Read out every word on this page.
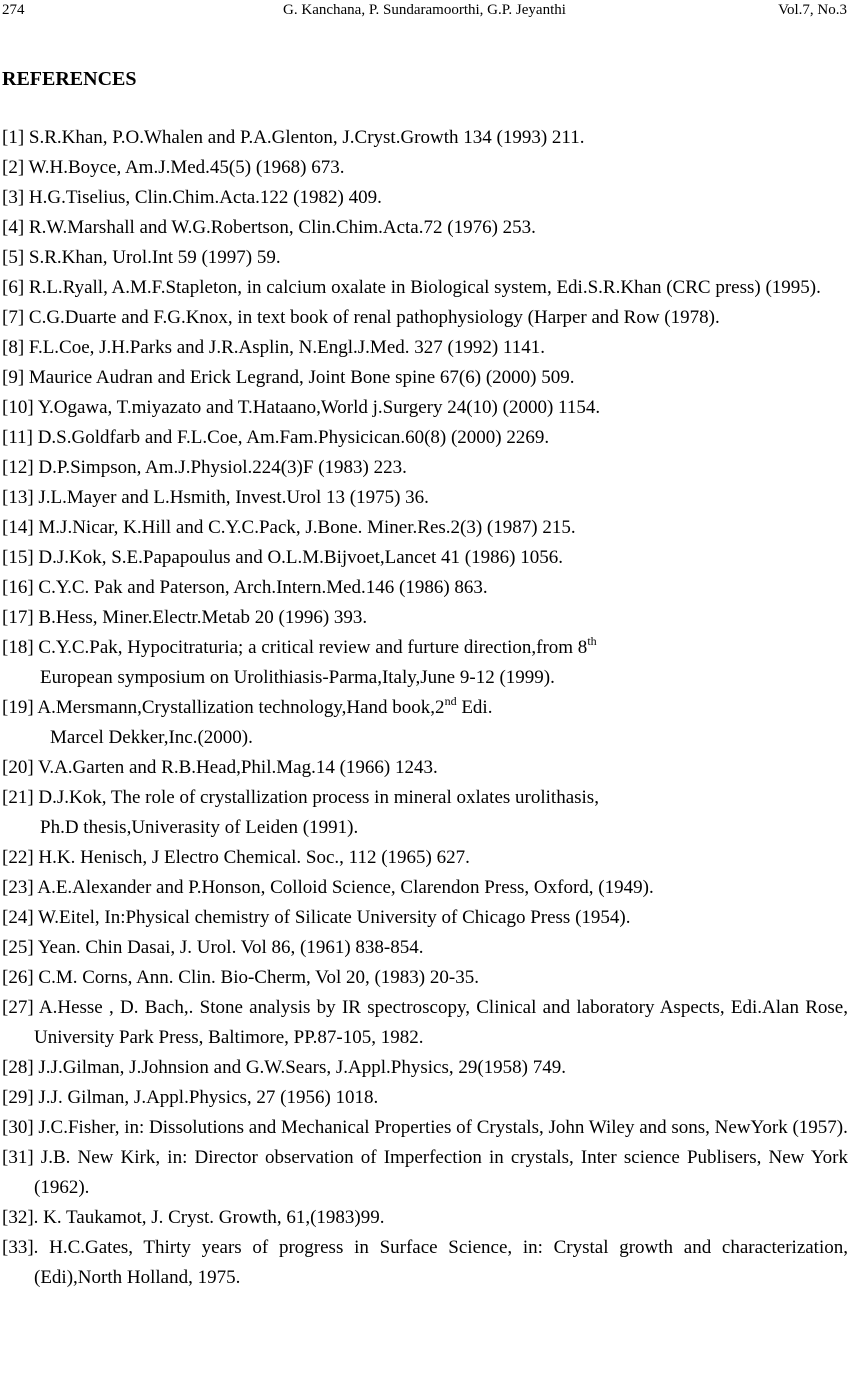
274	G. Kanchana, P. Sundaramoorthi, G.P. Jeyanthi	Vol.7, No.3
REFERENCES
[1] S.R.Khan, P.O.Whalen and P.A.Glenton, J.Cryst.Growth 134 (1993) 211.
[2] W.H.Boyce, Am.J.Med.45(5) (1968) 673.
[3] H.G.Tiselius, Clin.Chim.Acta.122 (1982) 409.
[4] R.W.Marshall and W.G.Robertson, Clin.Chim.Acta.72 (1976) 253.
[5] S.R.Khan, Urol.Int 59 (1997) 59.
[6] R.L.Ryall, A.M.F.Stapleton, in calcium oxalate in Biological system, Edi.S.R.Khan (CRC press) (1995).
[7] C.G.Duarte and F.G.Knox, in text book of renal pathophysiology (Harper and Row (1978).
[8] F.L.Coe, J.H.Parks and J.R.Asplin, N.Engl.J.Med. 327 (1992) 1141.
[9] Maurice Audran and Erick Legrand, Joint Bone spine 67(6) (2000) 509.
[10] Y.Ogawa, T.miyazato and T.Hataano,World j.Surgery 24(10) (2000) 1154.
[11] D.S.Goldfarb and F.L.Coe, Am.Fam.Physicican.60(8) (2000) 2269.
[12] D.P.Simpson, Am.J.Physiol.224(3)F (1983) 223.
[13] J.L.Mayer and L.Hsmith, Invest.Urol 13 (1975) 36.
[14] M.J.Nicar, K.Hill and C.Y.C.Pack, J.Bone. Miner.Res.2(3) (1987) 215.
[15] D.J.Kok, S.E.Papapoulus and O.L.M.Bijvoet,Lancet 41 (1986) 1056.
[16] C.Y.C. Pak and Paterson, Arch.Intern.Med.146 (1986) 863.
[17] B.Hess, Miner.Electr.Metab 20 (1996) 393.
[18] C.Y.C.Pak, Hypocitraturia; a critical review and furture direction,from 8th
European symposium on Urolithiasis-Parma,Italy,June 9-12 (1999).
[19] A.Mersmann,Crystallization technology,Hand book,2nd Edi.
Marcel Dekker,Inc.(2000).
[20] V.A.Garten and R.B.Head,Phil.Mag.14 (1966) 1243.
[21] D.J.Kok, The role of crystallization process in mineral oxlates urolithasis,
Ph.D thesis,Univerasity of Leiden (1991).
[22] H.K. Henisch, J Electro Chemical. Soc., 112 (1965) 627.
[23] A.E.Alexander and P.Honson, Colloid Science, Clarendon Press, Oxford, (1949).
[24] W.Eitel, In:Physical chemistry of Silicate University of Chicago Press (1954).
[25] Yean. Chin Dasai, J. Urol. Vol 86, (1961) 838-854.
[26] C.M. Corns, Ann. Clin. Bio-Cherm, Vol 20, (1983) 20-35.
[27] A.Hesse , D. Bach,. Stone analysis by IR spectroscopy, Clinical and laboratory Aspects, Edi.Alan Rose, University Park Press, Baltimore, PP.87-105, 1982.
[28] J.J.Gilman, J.Johnsion and G.W.Sears, J.Appl.Physics, 29(1958) 749.
[29] J.J. Gilman, J.Appl.Physics, 27 (1956) 1018.
[30] J.C.Fisher, in: Dissolutions and Mechanical Properties of Crystals, John Wiley and sons, NewYork (1957).
[31] J.B. New Kirk, in: Director observation of Imperfection in crystals, Inter science Publisers, New York (1962).
[32]. K. Taukamot, J. Cryst. Growth, 61,(1983)99.
[33]. H.C.Gates, Thirty years of progress in Surface Science, in: Crystal growth and characterization,(Edi),North Holland, 1975.
